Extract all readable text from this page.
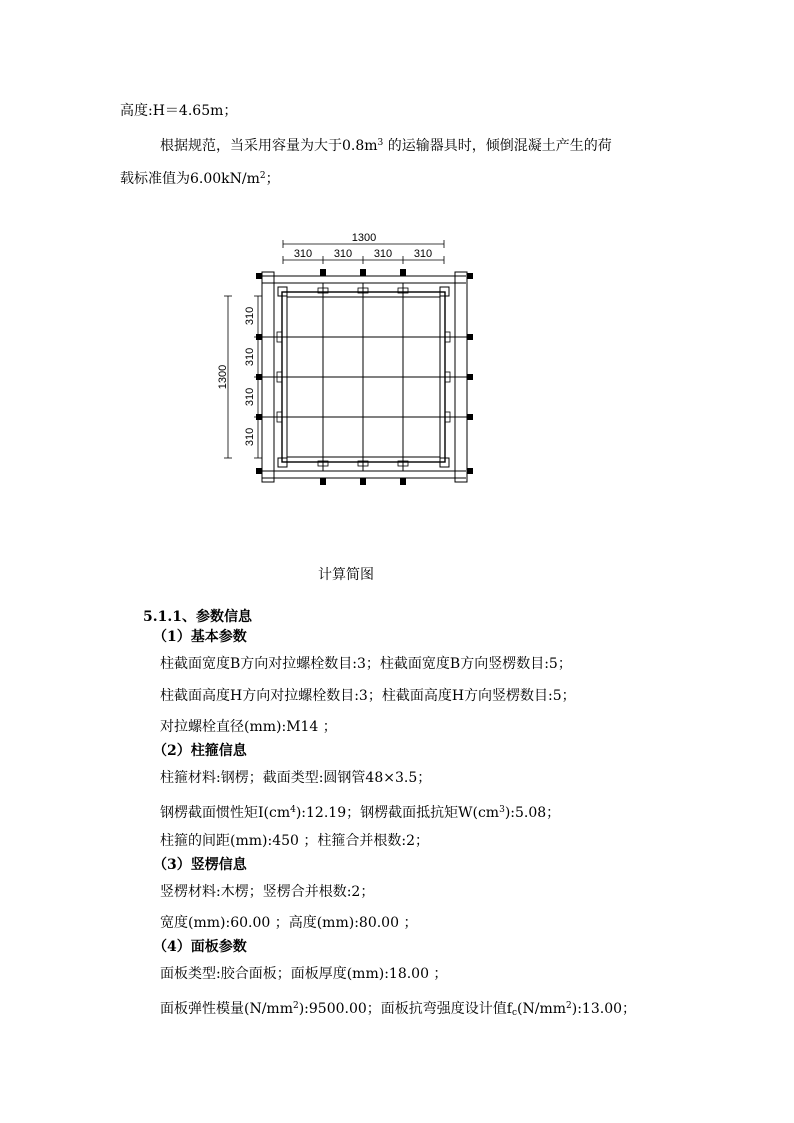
高度:H＝4.65m；
根据规范，当采用容量为大于$0.8m^3$ 的运输器具时，倾倒混凝土产生的荷
载标准值为$6.00kN/m^2$；
1300
310 310 310 310
1300
310
310
310
310
计算简图
5.1.1、参数信息
（1）基本参数
柱截面宽度B方向对拉螺栓数目:3；柱截面宽度B方向竖楞数目:5；
柱截面高度H方向对拉螺栓数目:3；柱截面高度H方向竖楞数目:5；
对拉螺栓直径(mm):M14 ；
（2）柱箍信息
柱箍材料:钢楞；截面类型:圆钢管48×3.5；
钢楞截面惯性矩$I(cm^4):12.19$；钢楞截面抵抗矩$W(cm^3):5.08$；
柱箍的间距(mm):450 ；柱箍合并根数:2；
（3）竖楞信息
竖楞材料:木楞；竖楞合并根数:2；
宽度(mm):60.00 ；高度(mm):80.00 ；
（4）面板参数
面板类型:胶合面板；面板厚度(mm):18.00 ；
面板弹性模量$(N/mm^2):9500.00$；面板抗弯强度设计值$f_c(N/mm^2):13.00$；
